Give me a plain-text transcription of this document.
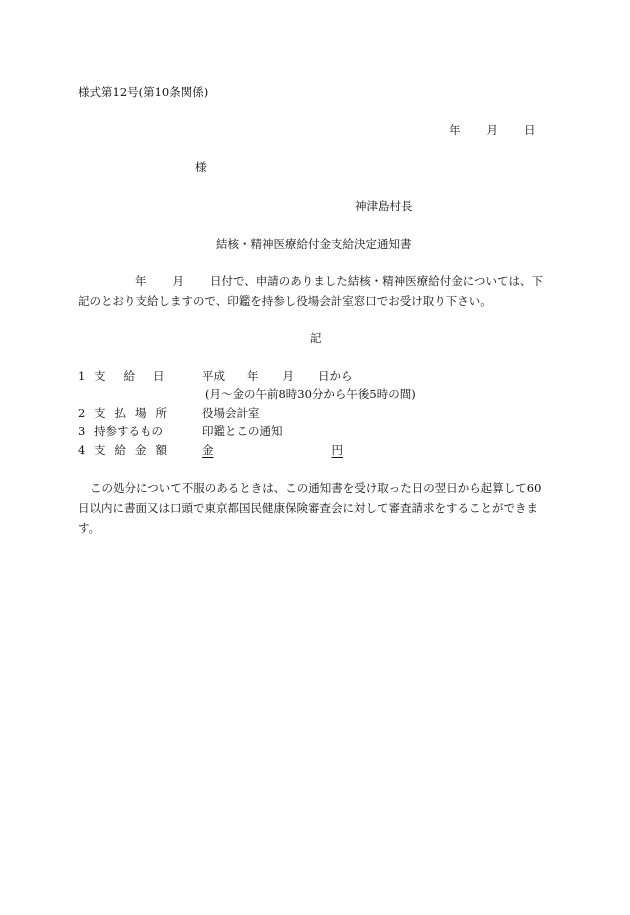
様式第12号(第10条関係)
年 月 日
様
神津島村長
結核・精神医療給付金支給決定通知書
年 月 日付で、申請のありました結核・精神医療給付金については、下
記のとおり支給しますので、印鑑を持参し役場会計室窓口でお受け取り下さい。
記
1 支 給 日	平成 年 月 日から
(月～金の午前8時30分から午後5時の間)
2 支 払 場 所	役場会計室
3 持参するもの	印鑑とこの通知
4 支 給 金 額	金	円
この処分について不服のあるときは、この通知書を受け取った日の翌日から起算して60
日以内に書面又は口頭で東京都国民健康保険審査会に対して審査請求をすることができま
す。
